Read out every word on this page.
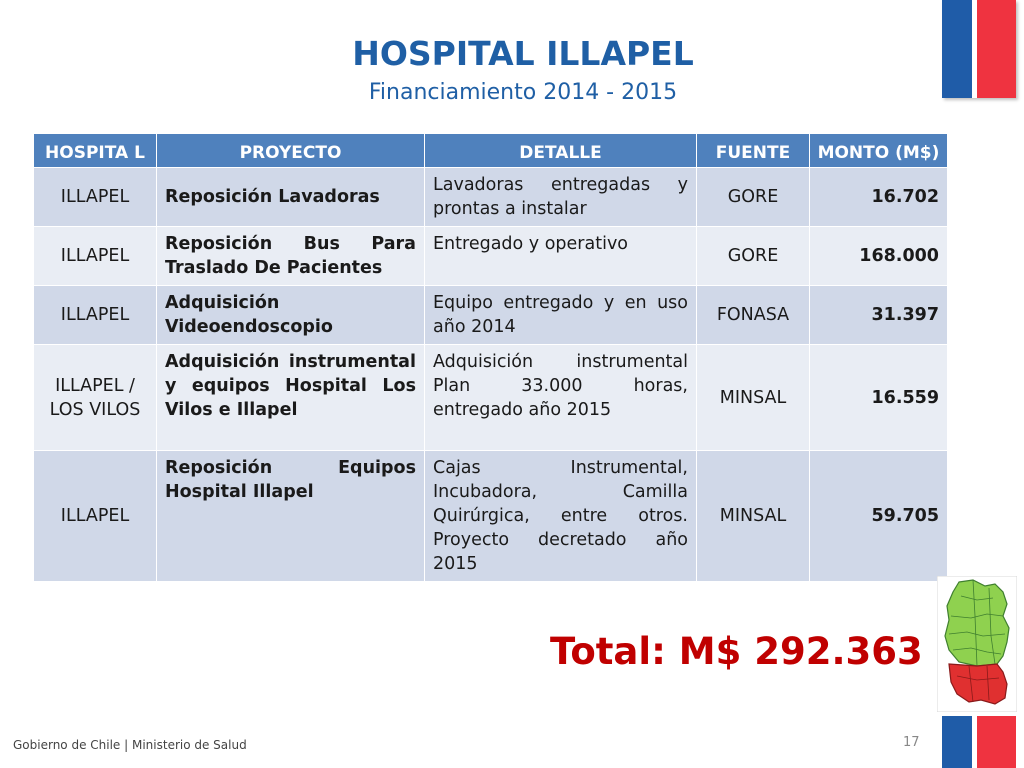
HOSPITAL ILLAPEL
Financiamiento 2014 - 2015
HOSPITA L	PROYECTO	DETALLE	FUENTE	MONTO (M$)
ILLAPEL	Reposición Lavadoras	Lavadoras entregadas y prontas a instalar	GORE	16.702
ILLAPEL	Reposición Bus Para Traslado De Pacientes	Entregado y operativo	GORE	168.000
ILLAPEL	Adquisición Videoendoscopio	Equipo entregado y en uso año 2014	FONASA	31.397
ILLAPEL / LOS VILOS	Adquisición instrumental y equipos Hospital Los Vilos e Illapel	Adquisición instrumental Plan 33.000 horas, entregado año 2015	MINSAL	16.559
ILLAPEL	Reposición Equipos Hospital Illapel	Cajas Instrumental, Incubadora, Camilla Quirúrgica, entre otros. Proyecto decretado año 2015	MINSAL	59.705
Total: M$ 292.363
Gobierno de Chile | Ministerio de Salud	17
